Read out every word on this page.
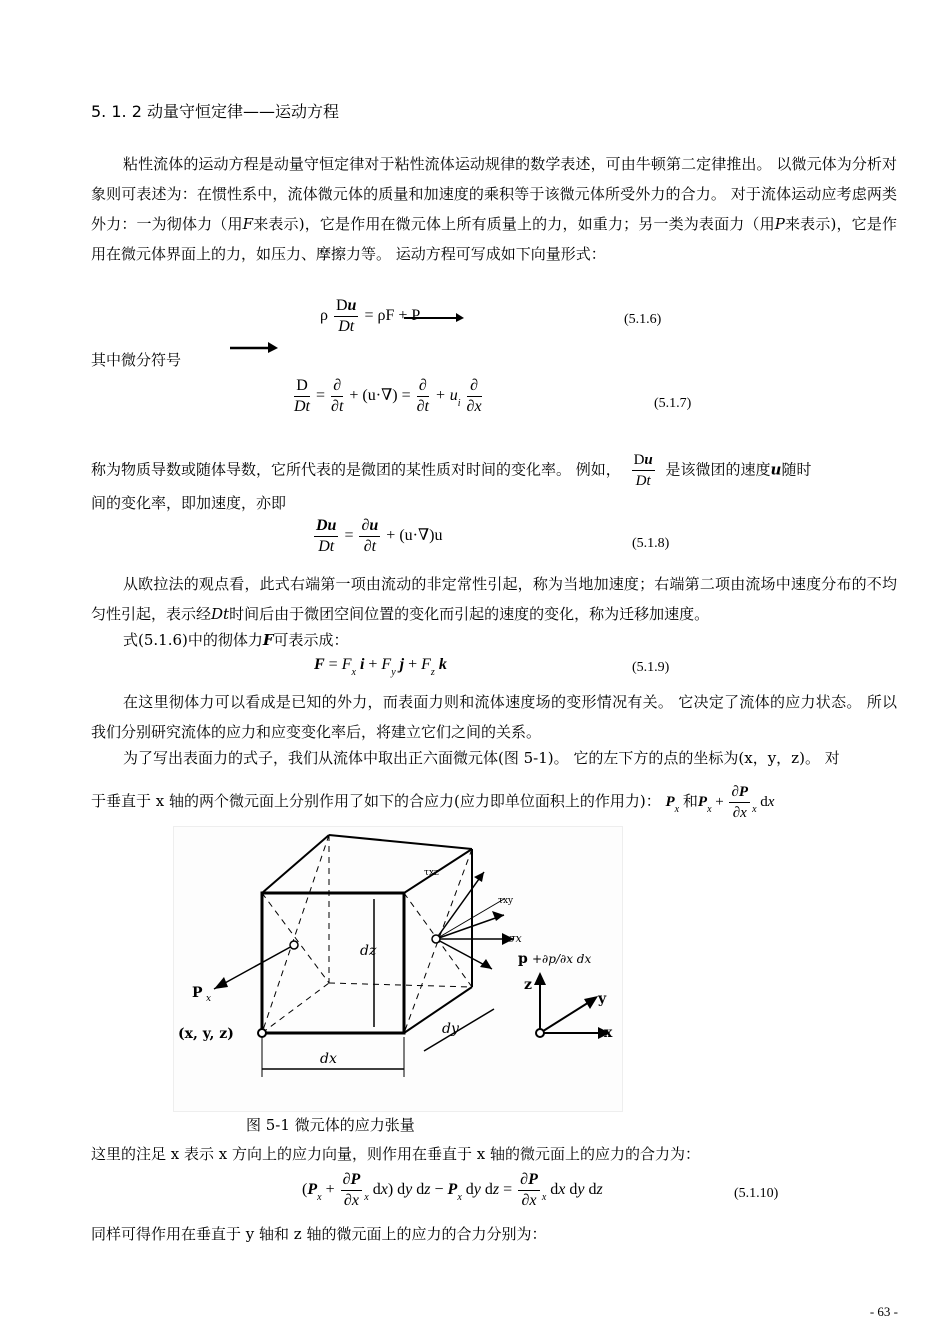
5. 1. 2 动量守恒定律——运动方程
粘性流体的运动方程是动量守恒定律对于粘性流体运动规律的数学表述，可由牛顿第二定律推出。 以微元体为分析对象则可表述为：在惯性系中，流体微元体的质量和加速度的乘积等于该微元体所受外力的合力。 对于流体运动应考虑两类外力：一为彻体力（用F来表示)，它是作用在微元体上所有质量上的力，如重力；另一类为表面力（用P来表示)，它是作用在微元体界面上的力，如压力、摩擦力等。 运动方程可写成如下向量形式：
ρ $\frac{Du}{Dt} = \rho F + P$	(5.1.6)
其中微分符号
$\frac{D}{Dt} = \frac{\partial}{\partial t} + (u\cdot\nabla) = \frac{\partial}{\partial t} + u_i \frac{\partial}{\partial x}$	(5.1.7)
称为物质导数或随体导数，它所代表的是微团的某性质对时间的变化率。 例如， $\frac{Du}{Dt}$ 是该微团的速度u随时
间的变化率，即加速度，亦即
$\frac{Du}{Dt} = \frac{\partial u}{\partial t} + (u\cdot\nabla)u$	(5.1.8)
从欧拉法的观点看，此式右端第一项由流动的非定常性引起，称为当地加速度；右端第二项由流场中速度分布的不均匀性引起，表示经Dt时间后由于微团空间位置的变化而引起的速度的变化，称为迁移加速度。
式(5.1.6)中的彻体力F可表示成：
$F = F_x$ $i + F_y$ $j + F_z$ k	(5.1.9)
在这里彻体力可以看成是已知的外力，而表面力则和流体速度场的变形情况有关。 它决定了流体的应力状态。 所以我们分别研究流体的应力和应变变化率后，将建立它们之间的关系。
为了写出表面力的式子，我们从流体中取出正六面微元体(图 5-1)。 它的左下方的点的坐标为(x，y，z)。 对
于垂直于 x 轴的两个微元面上分别作用了如下的合应力(应力即单位面积上的作用力)： $P_x$ 和$P_x + \frac{\partial P}{\partial x} _x$ dx
P x
(x, y, z)
dz
dx
dy
τxz
τxy
σx
p +∂p/∂x dx
z
y
x
图 5-1 微元体的应力张量
这里的注足 x 表示 x 方向上的应力向量，则作用在垂直于 x 轴的微元面上的应力的合力为：
($P_x + \frac{\partial P}{\partial x} _x$ dx) dy dz − $P_x$ dy dz = $\frac{\partial P}{\partial x} _x$ dx dy dz	(5.1.10)
同样可得作用在垂直于 y 轴和 z 轴的微元面上的应力的合力分别为：
- 63 -
